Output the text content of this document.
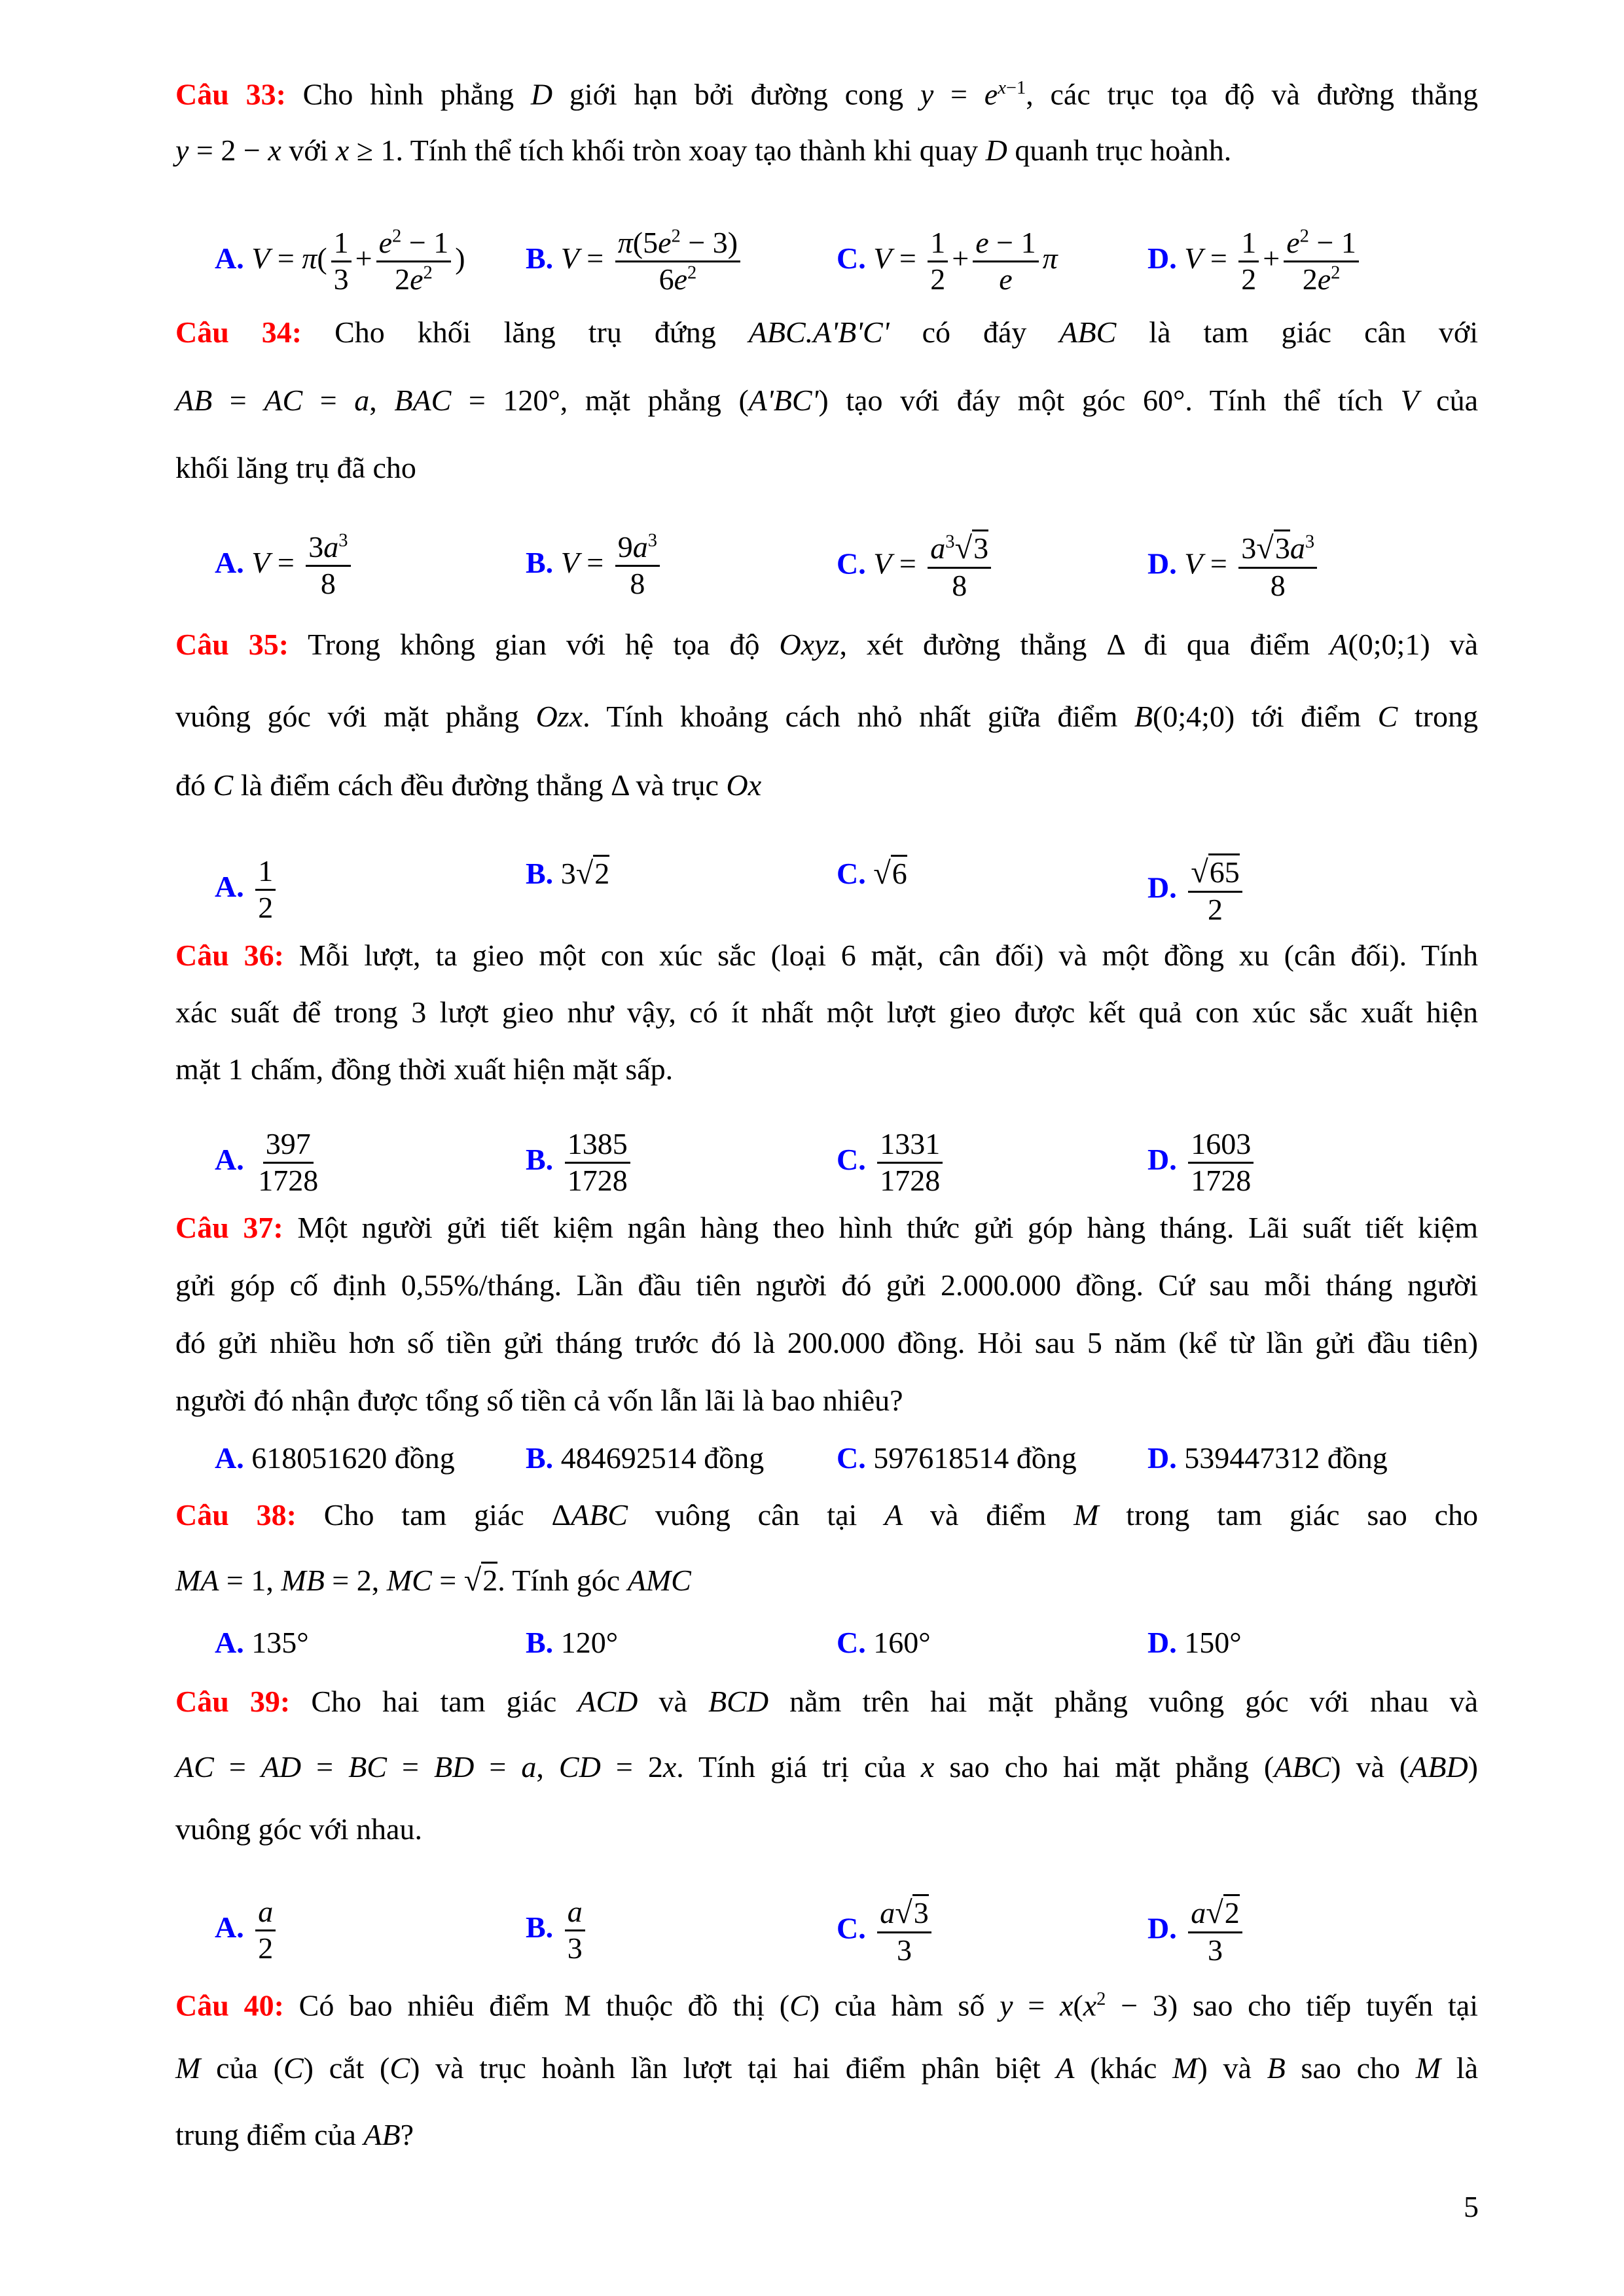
Câu 33: Cho hình phẳng D giới hạn bởi đường cong $y = e^{x-1}$, các trục tọa độ và đường thẳng
y = 2 − x với x ≥ 1. Tính thể tích khối tròn xoay tạo thành khi quay D quanh trục hoành.
A. $V = \pi( \frac{1}{3} + \frac{e^2 - 1}{2e^2}$ ) B. $V = \frac{\pi(5e^2 - 3)}{6e^2}$	C. $V = \frac{1}{2} + \frac{e - 1}{e}$ π	D. $V = \frac{1}{2} + \frac{e^2 - 1}{2e^2}$
Câu 34: Cho khối lăng trụ đứng ABC.A'B'C' có đáy ABC là tam giác cân với
AB = AC = a, BAC = 120°, mặt phẳng (A'BC') tạo với đáy một góc 60°. Tính thể tích V của
khối lăng trụ đã cho
A. $V = \frac{3a^3}{8}$	B. $V = \frac{9a^3}{8}$	C. $V = \frac{a^3√3}{8}$	D. $V = \frac{3√3a^3}{8}$
Câu 35: Trong không gian với hệ tọa độ Oxyz, xét đường thẳng Δ đi qua điểm A(0;0;1) và
vuông góc với mặt phẳng Ozx. Tính khoảng cách nhỏ nhất giữa điểm B(0;4;0) tới điểm C trong
đó C là điểm cách đều đường thẳng Δ và trục Ox
A. $\frac{1}{2}$	B. 3√2	C. √6	D. $\frac{√65}{2}$
Câu 36: Mỗi lượt, ta gieo một con xúc sắc (loại 6 mặt, cân đối) và một đồng xu (cân đối). Tính
xác suất để trong 3 lượt gieo như vậy, có ít nhất một lượt gieo được kết quả con xúc sắc xuất hiện
mặt 1 chấm, đồng thời xuất hiện mặt sấp.
A. $\frac{397}{1728}$	B. $\frac{1385}{1728}$	C. $\frac{1331}{1728}$	D. $\frac{1603}{1728}$
Câu 37: Một người gửi tiết kiệm ngân hàng theo hình thức gửi góp hàng tháng. Lãi suất tiết kiệm
gửi góp cố định 0,55%/tháng. Lần đầu tiên người đó gửi 2.000.000 đồng. Cứ sau mỗi tháng người
đó gửi nhiều hơn số tiền gửi tháng trước đó là 200.000 đồng. Hỏi sau 5 năm (kể từ lần gửi đầu tiên)
người đó nhận được tổng số tiền cả vốn lẫn lãi là bao nhiêu?
A. 618051620 đồng B. 484692514 đồng C. 597618514 đồng D. 539447312 đồng
Câu 38: Cho tam giác ΔABC vuông cân tại A và điểm M trong tam giác sao cho
MA = 1, MB = 2, MC = √2. Tính góc AMC
A. 135°	B. 120°	C. 160°	D. 150°
Câu 39: Cho hai tam giác ACD và BCD nằm trên hai mặt phẳng vuông góc với nhau và
AC = AD = BC = BD = a, CD = 2x. Tính giá trị của x sao cho hai mặt phẳng (ABC) và (ABD)
vuông góc với nhau.
A. $\frac{a}{2}$	B. $\frac{a}{3}$	C. $\frac{a√3}{3}$	D. $\frac{a√2}{3}$
Câu 40: Có bao nhiêu điểm M thuộc đồ thị (C) của hàm số $y = x(x^2 - 3)$ sao cho tiếp tuyến tại
M của (C) cắt (C) và trục hoành lần lượt tại hai điểm phân biệt A (khác M) và B sao cho M là
trung điểm của AB?
5
